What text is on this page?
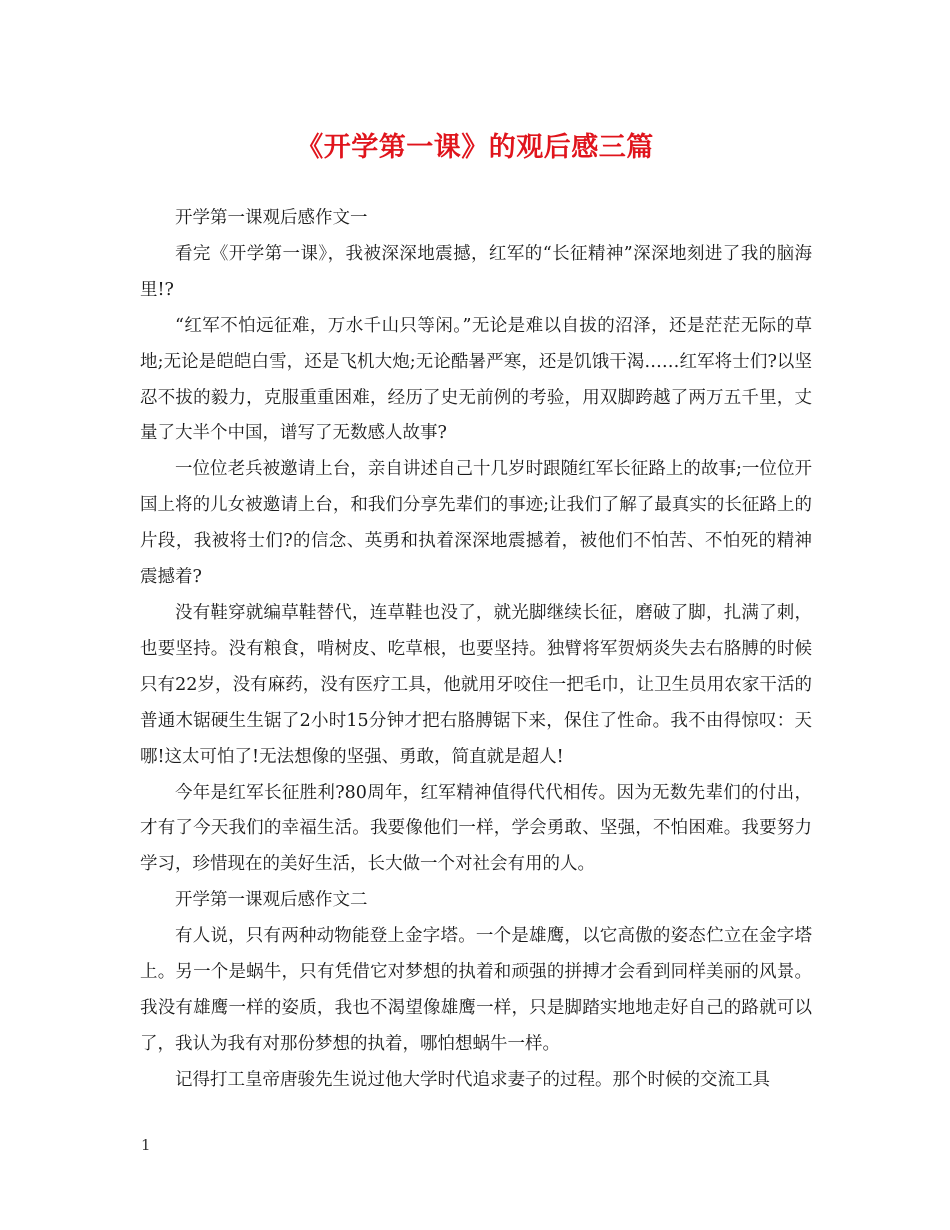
《开学第一课》的观后感三篇

开学第一课观后感作文一

看完《开学第一课》，我被深深地震撼，红军的“长征精神”深深地刻进了我的脑海里!?

“红军不怕远征难，万水千山只等闲。”无论是难以自拔的沼泽，还是茫茫无际的草地;无论是皑皑白雪，还是飞机大炮;无论酷暑严寒，还是饥饿干渴……红军将士们?以坚忍不拔的毅力，克服重重困难，经历了史无前例的考验，用双脚跨越了两万五千里，丈量了大半个中国，谱写了无数感人故事?

一位位老兵被邀请上台，亲自讲述自己十几岁时跟随红军长征路上的故事;一位位开国上将的儿女被邀请上台，和我们分享先辈们的事迹;让我们了解了最真实的长征路上的片段，我被将士们?的信念、英勇和执着深深地震撼着，被他们不怕苦、不怕死的精神震撼着?

没有鞋穿就编草鞋替代，连草鞋也没了，就光脚继续长征，磨破了脚，扎满了刺，也要坚持。没有粮食，啃树皮、吃草根，也要坚持。独臂将军贺炳炎失去右胳膊的时候只有22岁，没有麻药，没有医疗工具，他就用牙咬住一把毛巾，让卫生员用农家干活的普通木锯硬生生锯了2小时15分钟才把右胳膊锯下来，保住了性命。我不由得惊叹：天哪!这太可怕了!无法想像的坚强、勇敢，简直就是超人!

今年是红军长征胜利?80周年，红军精神值得代代相传。因为无数先辈们的付出，才有了今天我们的幸福生活。我要像他们一样，学会勇敢、坚强，不怕困难。我要努力学习，珍惜现在的美好生活，长大做一个对社会有用的人。

开学第一课观后感作文二

有人说，只有两种动物能登上金字塔。一个是雄鹰，以它高傲的姿态伫立在金字塔上。另一个是蜗牛，只有凭借它对梦想的执着和顽强的拼搏才会看到同样美丽的风景。我没有雄鹰一样的姿质，我也不渴望像雄鹰一样，只是脚踏实地地走好自己的路就可以了，我认为我有对那份梦想的执着，哪怕想蜗牛一样。

记得打工皇帝唐骏先生说过他大学时代追求妻子的过程。那个时候的交流工具

1
